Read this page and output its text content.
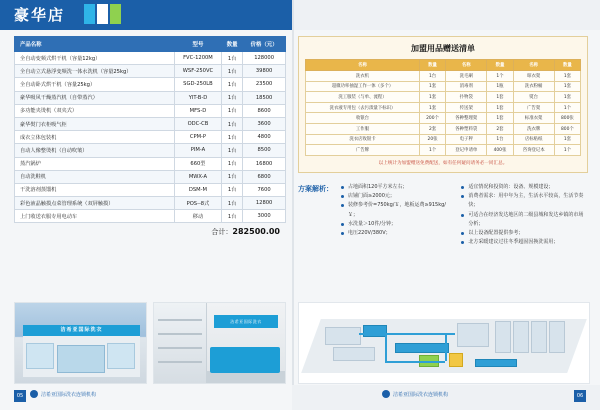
豪华店
产品名称	型号	数量	价格（元）
全自动变频式烘干机（容量12kg）	FVC-1200M	1台	128000
全自动立式悬浮变频洗一体水洗机（容量25kg）	WSF-250VC	1台	39800
全自动卧式烘干机（容量25kg）	SGD-250LB	1台	23500
豪华吸风干燥蒸汽机（自带蒸汽）	YIT-B-D	1台	18500
多功能夹烫机（双夹式）	MFS-D	1台	8600
豪华熨门衣柜吸气柜	ODC-CB	1台	3600
成衣立体包装机	CPM-P	1台	4800
自动人像整烫机（自动吹皱）	PIM-A	1台	8500
蒸汽锅炉	660型	1台	16800
自动洗鞋机	MWX-A	1台	6800
干洗溶剂蒸馏机	DSM-M	1台	7600
彩色液晶触摸点菜管理系统（双屏触摸）	POS--8式	1台	12800
上门收送衣服专用电动车	移动	1台	3000
合计：282500.00
加盟用品赠送清单
名称	数量	名称	数量	名称	数量
洗衣机	1台	洗毛刷	1个	晾衣架	1套
超微功率抽湿工作一体（多个）	1套	消毒剂	1瓶	洗衣粉桶	1套
洗工服装（与单、流程）	1套	扑物袋	1套	熨台	1套
洗衣液专用包（去污渍量下标识）	1套	传送架	1套	广告架	1个
收银台	200个	各种整理架	1套	标准衣架	800张
工作服	2套	各种塑料袋	2套	洗衣牌	800个
洗衣店收银卡	20张	电子秤	1台	店标贴纸	1套
广告牌	1个	登记申请单	400张	咨询登记本	1个
以上统计为加盟赠送免费配送，如有任何疑问请务必一同汇总。
方案解析：	占地面积120平方米左右；
店铺门面≥2000元；
装修参考价=750kg/￥，地板运费≥915kg/￥；
水洗量＞10件/分钟；
电压220V/380V；
适宜情况和投资的：设备、规模建设；
消费者需求：用中年为主，生活水平较高，生活节奏快；
可适合在经济发达地区的二级县城和发达乡镇的市场分析；
以上设备配置提供参考；
北方采暖建议过往冬季超固因换洗需用；
洁希亚国际洗衣
洁希亚国际洗衣
05	洁希亚国际洗衣连锁机构	洁希亚国际洗衣连锁机构	06
